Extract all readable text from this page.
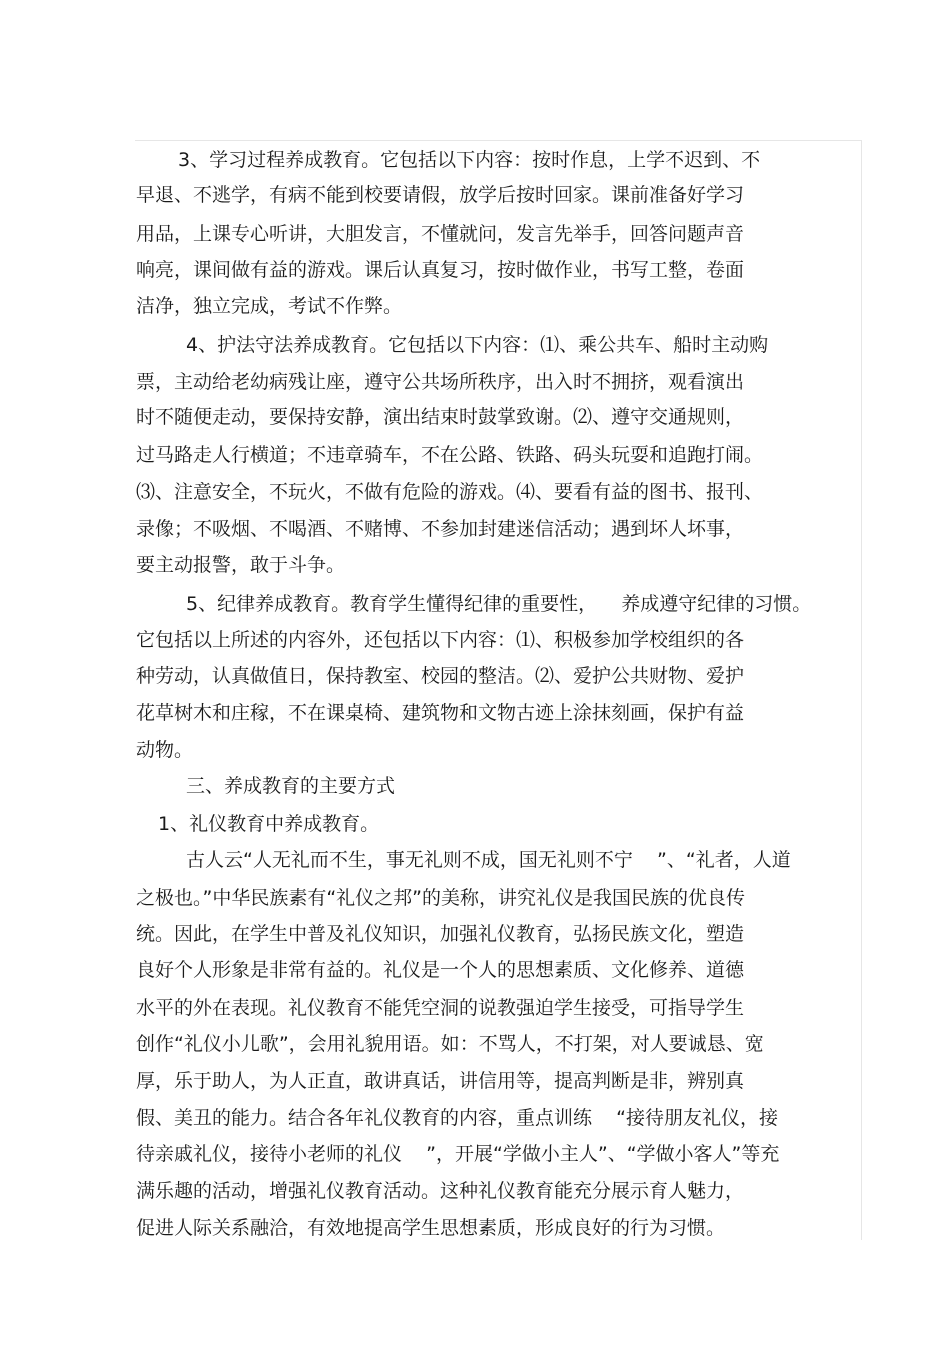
3、学习过程养成教育。它包括以下内容：按时作息，上学不迟到、不
早退、不逃学，有病不能到校要请假，放学后按时回家。课前准备好学习
用品，上课专心听讲，大胆发言，不懂就问，发言先举手，回答问题声音
响亮，课间做有益的游戏。课后认真复习，按时做作业，书写工整，卷面
洁净，独立完成，考试不作弊。
4、护法守法养成教育。它包括以下内容：⑴、乘公共车、船时主动购
票，主动给老幼病残让座，遵守公共场所秩序，出入时不拥挤，观看演出
时不随便走动，要保持安静，演出结束时鼓掌致谢。⑵、遵守交通规则，
过马路走人行横道；不违章骑车，不在公路、铁路、码头玩耍和追跑打闹。
⑶、注意安全，不玩火，不做有危险的游戏。⑷、要看有益的图书、报刊、
录像；不吸烟、不喝酒、不赌博、不参加封建迷信活动；遇到坏人坏事，
要主动报警，敢于斗争。
5、纪律养成教育。教育学生懂得纪律的重要性，    养成遵守纪律的习惯。
它包括以上所述的内容外，还包括以下内容：⑴、积极参加学校组织的各
种劳动，认真做值日，保持教室、校园的整洁。⑵、爱护公共财物、爱护
花草树木和庄稼，不在课桌椅、建筑物和文物古迹上涂抹刻画，保护有益
动物。
三、养成教育的主要方式
1、礼仪教育中养成教育。
古人云“人无礼而不生，事无礼则不成，国无礼则不宁    ”、“礼者，人道
之极也。”中华民族素有“礼仪之邦”的美称，讲究礼仪是我国民族的优良传
统。因此，在学生中普及礼仪知识，加强礼仪教育，弘扬民族文化，塑造
良好个人形象是非常有益的。礼仪是一个人的思想素质、文化修养、道德
水平的外在表现。礼仪教育不能凭空洞的说教强迫学生接受，可指导学生
创作“礼仪小儿歌”，会用礼貌用语。如：不骂人，不打架，对人要诚恳、宽
厚，乐于助人，为人正直，敢讲真话，讲信用等，提高判断是非，辨别真
假、美丑的能力。结合各年礼仪教育的内容，重点训练    “接待朋友礼仪，接
待亲戚礼仪，接待小老师的礼仪    ”，开展“学做小主人”、“学做小客人”等充
满乐趣的活动，增强礼仪教育活动。这种礼仪教育能充分展示育人魅力，
促进人际关系融洽，有效地提高学生思想素质，形成良好的行为习惯。
